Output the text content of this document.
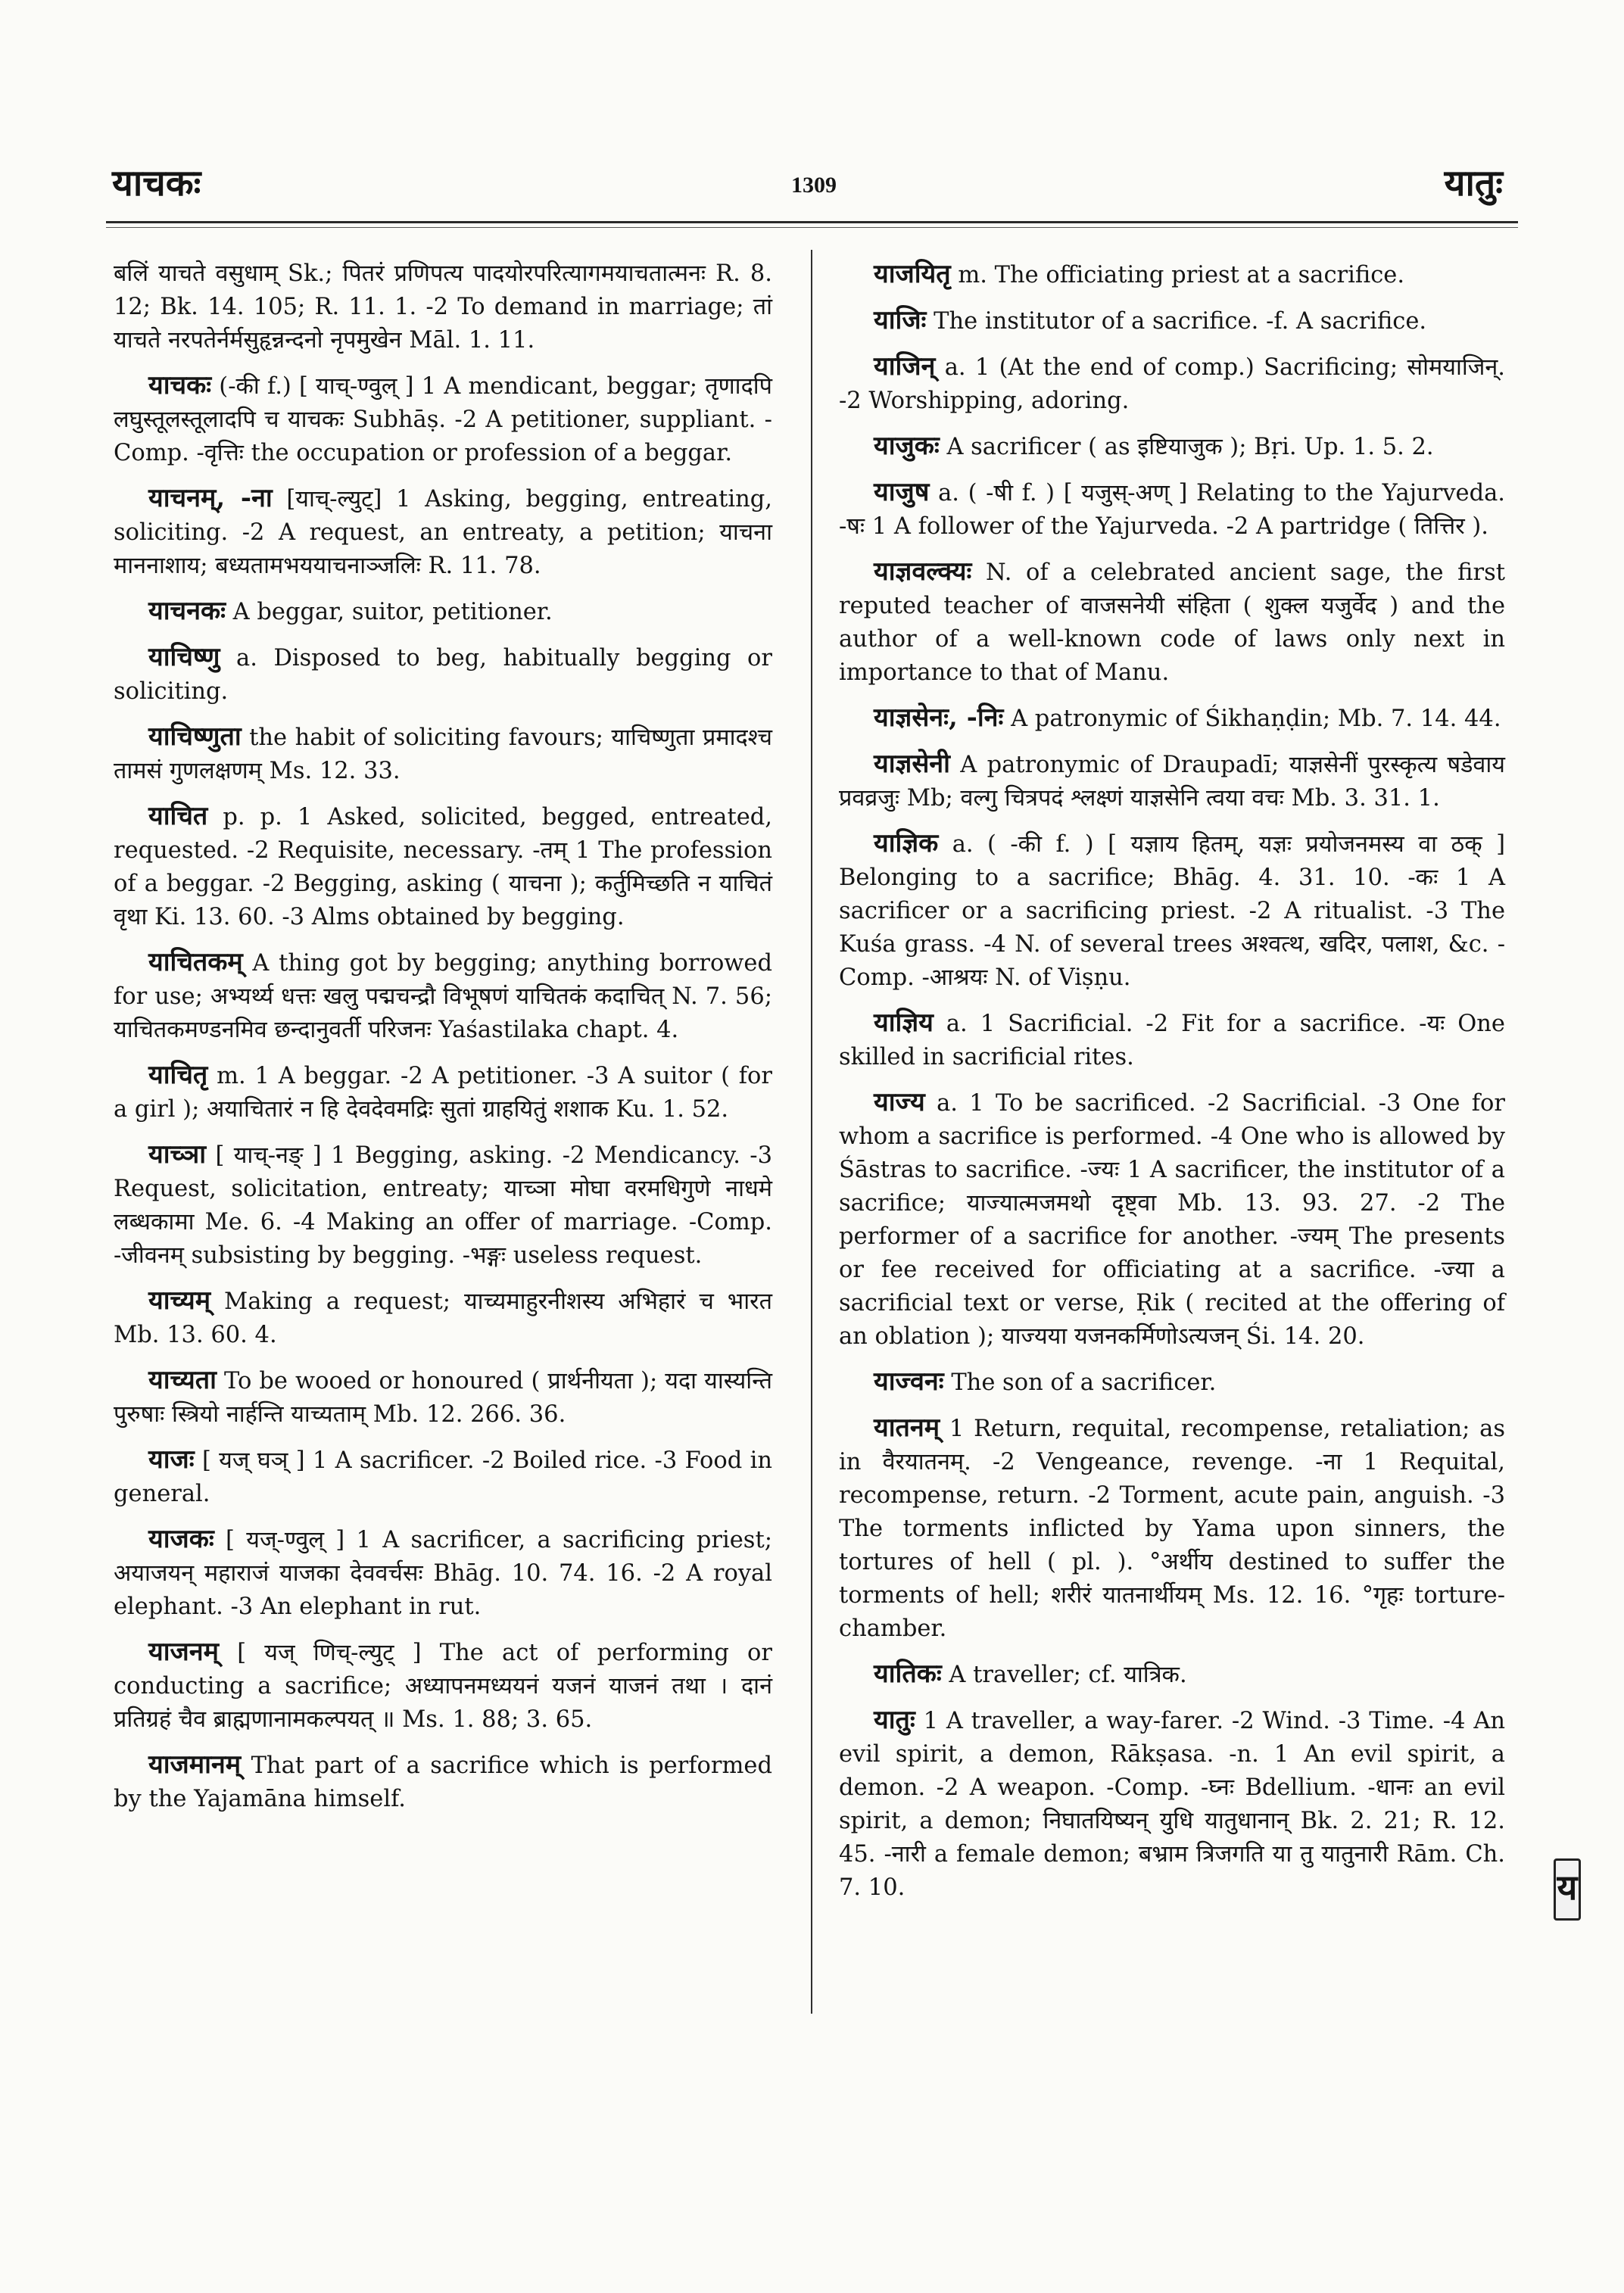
याचकः	1309	यातुः

बलिं याचते वसुधाम् Sk.; पितरं प्रणिपत्य पादयोरपरित्यागमयाचतात्मनः R. 8. 12; Bk. 14. 105; R. 11. 1. -2 To demand in marriage; तां याचते नरपतेर्नर्मसुहृन्नन्दनो नृपमुखेन Māl. 1. 11.

याचकः (-की f.) [ याच्-ण्वुल् ] 1 A mendicant, beggar; तृणादपि लघुस्तूलस्तूलादपि च याचकः Subhāṣ. -2 A petitioner, suppliant. -Comp. -वृत्तिः the occupation or profession of a beggar.

याचनम्, -ना [याच्-ल्युट्] 1 Asking, begging, entreating, soliciting. -2 A request, an entreaty, a petition; याचना माननाशाय; बध्यतामभययाचनाञ्जलिः R. 11. 78.

याचनकः A beggar, suitor, petitioner.

याचिष्णु a. Disposed to beg, habitually begging or soliciting.

याचिष्णुता the habit of soliciting favours; याचिष्णुता प्रमादश्च तामसं गुणलक्षणम् Ms. 12. 33.

याचित p. p. 1 Asked, solicited, begged, entreated, requested. -2 Requisite, necessary. -तम् 1 The profession of a beggar. -2 Begging, asking ( याचना ); कर्तुमिच्छति न याचितं वृथा Ki. 13. 60. -3 Alms obtained by begging.

याचितकम् A thing got by begging; anything borrowed for use; अभ्यर्थ्य धत्तः खलु पद्मचन्द्रौ विभूषणं याचितकं कदाचित् N. 7. 56; याचितकमण्डनमिव छन्दानुवर्ती परिजनः Yaśastilaka chapt. 4.

याचितृ m. 1 A beggar. -2 A petitioner. -3 A suitor ( for a girl ); अयाचितारं न हि देवदेवमद्रिः सुतां ग्राहयितुं शशाक Ku. 1. 52.

याच्ञा [ याच्-नङ् ] 1 Begging, asking. -2 Mendicancy. -3 Request, solicitation, entreaty; याच्ञा मोघा वरमधिगुणे नाधमे लब्धकामा Me. 6. -4 Making an offer of marriage. -Comp. -जीवनम् subsisting by begging. -भङ्गः useless request.

याच्यम् Making a request; याच्यमाहुरनीशस्य अभिहारं च भारत Mb. 13. 60. 4.

याच्यता To be wooed or honoured ( प्रार्थनीयता ); यदा यास्यन्ति पुरुषाः स्त्रियो नार्हन्ति याच्यताम् Mb. 12. 266. 36.

याजः [ यज् घञ् ] 1 A sacrificer. -2 Boiled rice. -3 Food in general.

याजकः [ यज्-ण्वुल् ] 1 A sacrificer, a sacrificing priest; अयाजयन् महाराजं याजका देववर्चसः Bhāg. 10. 74. 16. -2 A royal elephant. -3 An elephant in rut.

याजनम् [ यज् णिच्-ल्युट् ] The act of performing or conducting a sacrifice; अध्यापनमध्ययनं यजनं याजनं तथा । दानं प्रतिग्रहं चैव ब्राह्मणानामकल्पयत् ॥ Ms. 1. 88; 3. 65.

याजमानम् That part of a sacrifice which is performed by the Yajamāna himself.

याजयितृ m. The officiating priest at a sacrifice.

याजिः The institutor of a sacrifice. -f. A sacrifice.

याजिन् a. 1 (At the end of comp.) Sacrificing; सोमयाजिन्. -2 Worshipping, adoring.

याजुकः A sacrificer ( as इष्टियाजुक ); Bṛi. Up. 1. 5. 2.

याजुष a. ( -षी f. ) [ यजुस्-अण् ] Relating to the Yajurveda. -षः 1 A follower of the Yajurveda. -2 A partridge ( तित्तिर ).

याज्ञवल्क्यः N. of a celebrated ancient sage, the first reputed teacher of वाजसनेयी संहिता ( शुक्ल यजुर्वेद ) and the author of a well-known code of laws only next in importance to that of Manu.

याज्ञसेनः, -निः A patronymic of Śikhaṇḍin; Mb. 7. 14. 44.

याज्ञसेनी A patronymic of Draupadī; याज्ञसेनीं पुरस्कृत्य षडेवाय प्रवव्रजुः Mb; वल्गु चित्रपदं श्लक्ष्णं याज्ञसेनि त्वया वचः Mb. 3. 31. 1.

याज्ञिक a. ( -की f. ) [ यज्ञाय हितम्, यज्ञः प्रयोजनमस्य वा ठक् ] Belonging to a sacrifice; Bhāg. 4. 31. 10. -कः 1 A sacrificer or a sacrificing priest. -2 A ritualist. -3 The Kuśa grass. -4 N. of several trees अश्वत्थ, खदिर, पलाश, &c. -Comp. -आश्रयः N. of Viṣṇu.

याज्ञिय a. 1 Sacrificial. -2 Fit for a sacrifice. -यः One skilled in sacrificial rites.

याज्य a. 1 To be sacrificed. -2 Sacrificial. -3 One for whom a sacrifice is performed. -4 One who is allowed by Śāstras to sacrifice. -ज्यः 1 A sacrificer, the institutor of a sacrifice; याज्यात्मजमथो दृष्ट्वा Mb. 13. 93. 27. -2 The performer of a sacrifice for another. -ज्यम् The presents or fee received for officiating at a sacrifice. -ज्या a sacrificial text or verse, Ṛik ( recited at the offering of an oblation ); याज्यया यजनकर्मिणोऽत्यजन् Śi. 14. 20.

याज्वनः The son of a sacrificer.

यातनम् 1 Return, requital, recompense, retaliation; as in वैरयातनम्. -2 Vengeance, revenge. -ना 1 Requital, recompense, return. -2 Torment, acute pain, anguish. -3 The torments inflicted by Yama upon sinners, the tortures of hell ( pl. ). °अर्थीय destined to suffer the torments of hell; शरीरं यातनार्थीयम् Ms. 12. 16. °गृहः torture-chamber.

यातिकः A traveller; cf. यात्रिक.

यातुः 1 A traveller, a way-farer. -2 Wind. -3 Time. -4 An evil spirit, a demon, Rākṣasa. -n. 1 An evil spirit, a demon. -2 A weapon. -Comp. -घ्नः Bdellium. -धानः an evil spirit, a demon; निघातयिष्यन् युधि यातुधानान् Bk. 2. 21; R. 12. 45. -नारी a female demon; बभ्राम त्रिजगति या तु यातुनारी Rām. Ch. 7. 10.	य
